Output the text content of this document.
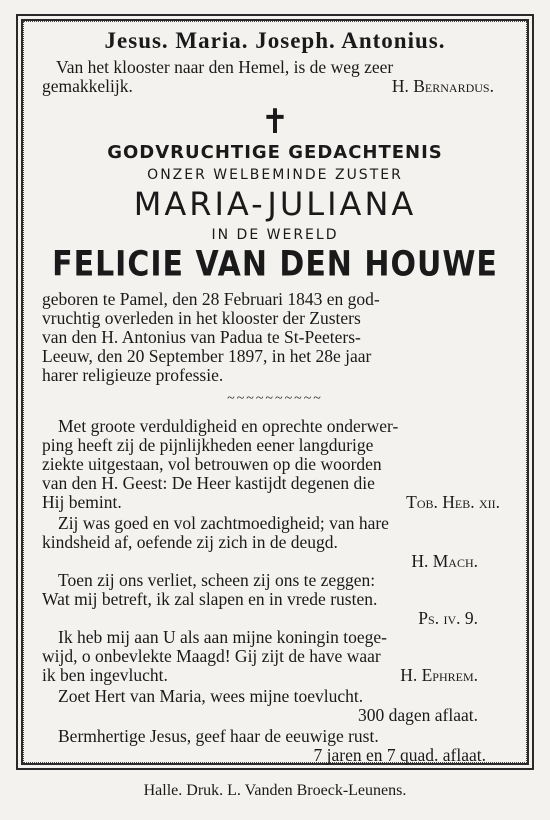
Jesus. Maria. Joseph. Antonius.

Van het klooster naar den Hemel, is de weg zeer

gemakkelijk.	H. Bernardus.
✝
GODVRUCHTIGE GEDACHTENIS
ONZER WELBEMINDE ZUSTER
MARIA-JULIANA
IN DE WERELD
FELICIE VAN DEN HOUWE

geboren te Pamel, den 28 Februari 1843 en god-

vruchtig overleden in het klooster der Zusters

van den H. Antonius van Padua te St-Peeters-

Leeuw, den 20 September 1897, in het 28e jaar

harer religieuze professie.

~~~~~~~~~~

Met groote verduldigheid en oprechte onderwer-

ping heeft zij de pijnlijkheden eener langdurige

ziekte uitgestaan, vol betrouwen op die woorden

van den H. Geest: De Heer kastijdt degenen die

Hij bemint.	Tob. Heb. xii.

Zij was goed en vol zachtmoedigheid; van hare

kindsheid af, oefende zij zich in de deugd.

H. Mach.

Toen zij ons verliet, scheen zij ons te zeggen:

Wat mij betreft, ik zal slapen en in vrede rusten.

Ps. iv. 9.

Ik heb mij aan U als aan mijne koningin toege-

wijd, o onbevlekte Maagd! Gij zijt de have waar

ik ben ingevlucht.	H. Ephrem.

Zoet Hert van Maria, wees mijne toevlucht.

300 dagen aflaat.

Bermhertige Jesus, geef haar de eeuwige rust.

7 jaren en 7 quad. aflaat.

Halle. Druk. L. Vanden Broeck-Leunens.
